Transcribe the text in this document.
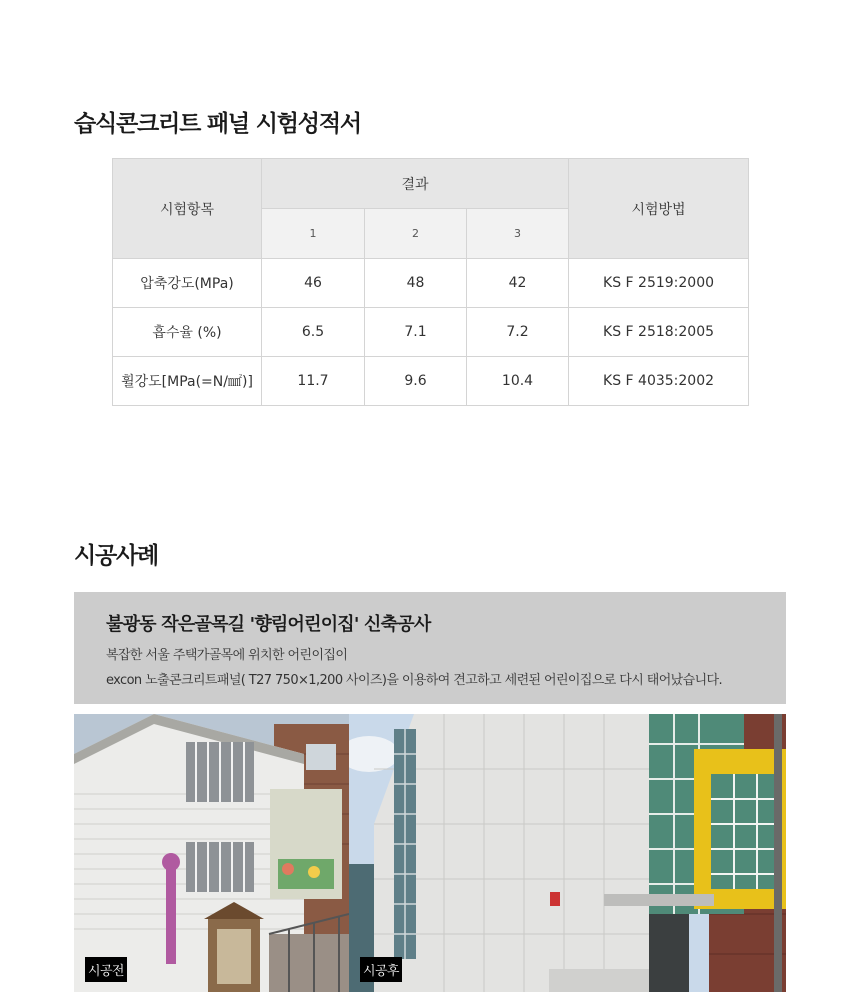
습식콘크리트 패널 시험성적서
시험항목	결과			시험방법
	1	2	3	
압축강도(MPa)	46	48	42	KS F 2519:2000
흡수율 (%)	6.5	7.1	7.2	KS F 2518:2005
휠강도[MPa(=N/㎟)]	11.7	9.6	10.4	KS F 4035:2002
시공사례
불광동 작은골목길 '향림어린이집' 신축공사
복잡한 서울 주택가골목에 위치한 어린이집이
excon 노출콘크리트패널( T27 750×1,200 사이즈)을 이용하여 견고하고 세련된 어린이집으로 다시 태어났습니다.
시공전	시공후
